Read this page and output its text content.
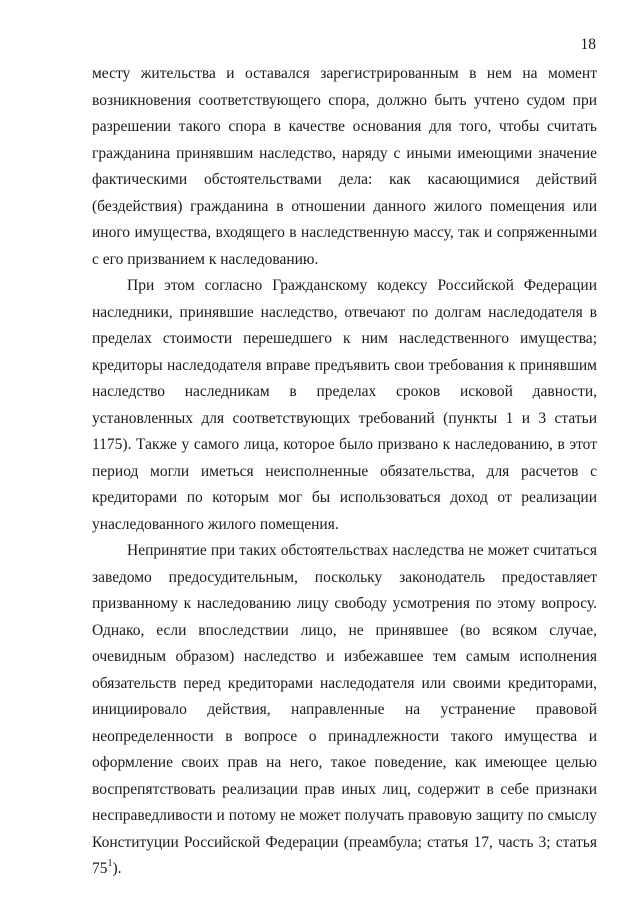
18

месту жительства и оставался зарегистрированным в нем на момент возникновения соответствующего спора, должно быть учтено судом при разрешении такого спора в качестве основания для того, чтобы считать гражданина принявшим наследство, наряду с иными имеющими значение фактическими обстоятельствами дела: как касающимися действий (бездействия) гражданина в отношении данного жилого помещения или иного имущества, входящего в наследственную массу, так и сопряженными с его призванием к наследованию.

При этом согласно Гражданскому кодексу Российской Федерации наследники, принявшие наследство, отвечают по долгам наследодателя в пределах стоимости перешедшего к ним наследственного имущества; кредиторы наследодателя вправе предъявить свои требования к принявшим наследство наследникам в пределах сроков исковой давности, установленных для соответствующих требований (пункты 1 и 3 статьи 1175). Также у самого лица, которое было призвано к наследованию, в этот период могли иметься неисполненные обязательства, для расчетов с кредиторами по которым мог бы использоваться доход от реализации унаследованного жилого помещения.

Непринятие при таких обстоятельствах наследства не может считаться заведомо предосудительным, поскольку законодатель предоставляет призванному к наследованию лицу свободу усмотрения по этому вопросу. Однако, если впоследствии лицо, не принявшее (во всяком случае, очевидным образом) наследство и избежавшее тем самым исполнения обязательств перед кредиторами наследодателя или своими кредиторами, инициировало действия, направленные на устранение правовой неопределенности в вопросе о принадлежности такого имущества и оформление своих прав на него, такое поведение, как имеющее целью воспрепятствовать реализации прав иных лиц, содержит в себе признаки несправедливости и потому не может получать правовую защиту по смыслу Конституции Российской Федерации (преамбула; статья 17, часть 3; статья $75^1$).
